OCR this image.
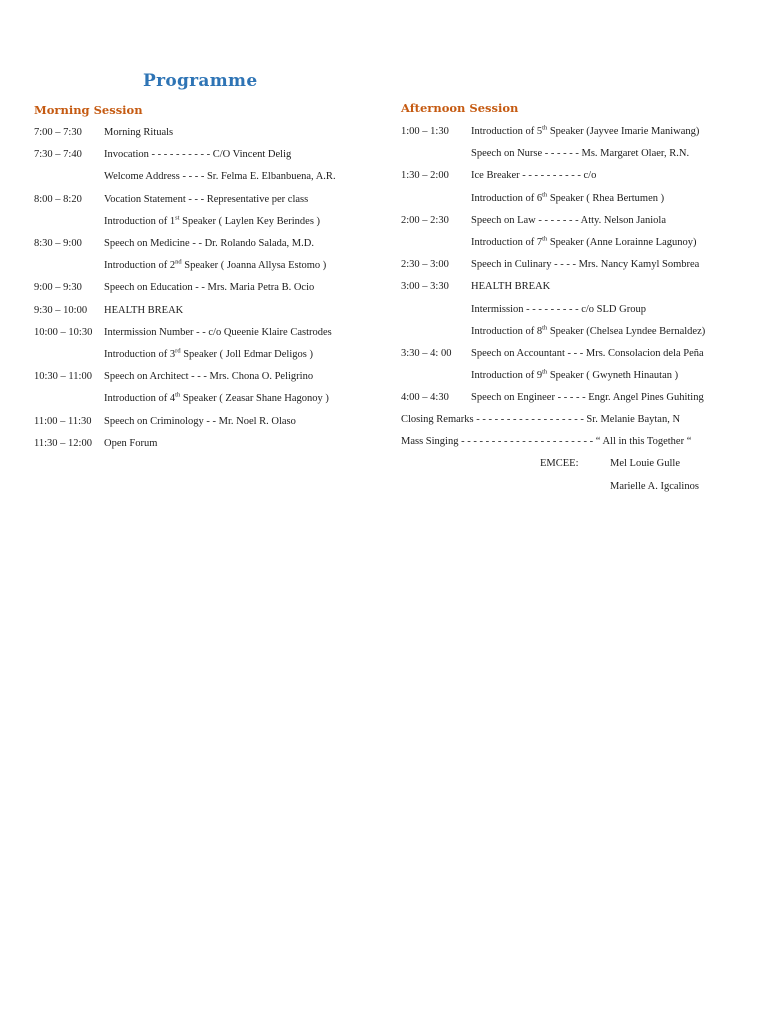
Programme
Morning Session
7:00 – 7:30 Morning Rituals
7:30 – 7:40 Invocation - - - - - - - - - - C/O Vincent Delig
Welcome Address - - - - Sr. Felma E. Elbanbuena, A.R.
8:00 – 8:20 Vocation Statement - - - Representative per class
Introduction of 1st Speaker ( Laylen Key Berindes )
8:30 – 9:00 Speech on Medicine - - Dr. Rolando Salada, M.D.
Introduction of 2nd Speaker ( Joanna Allysa Estomo )
9:00 – 9:30 Speech on Education - - Mrs. Maria Petra B. Ocio
9:30 – 10:00 HEALTH BREAK
10:00 – 10:30 Intermission Number - - c/o Queenie Klaire Castrodes
Introduction of 3rd Speaker ( Joll Edmar Deligos )
10:30 – 11:00 Speech on Architect - - - Mrs. Chona O. Peligrino
Introduction of 4th Speaker ( Zeasar Shane Hagonoy )
11:00 – 11:30 Speech on Criminology - - Mr. Noel R. Olaso
11:30 – 12:00 Open Forum
Afternoon Session
1:00 – 1:30 Introduction of 5th Speaker (Jayvee Imarie Maniwang)
Speech on Nurse - - - - - - Ms. Margaret Olaer, R.N.
1:30 – 2:00 Ice Breaker - - - - - - - - - - c/o
Introduction of 6th Speaker ( Rhea Bertumen )
2:00 – 2:30 Speech on Law - - - - - - - Atty. Nelson Janiola
Introduction of 7th Speaker (Anne Lorainne Lagunoy)
2:30 – 3:00 Speech in Culinary - - - - Mrs. Nancy Kamyl Sombrea
3:00 – 3:30 HEALTH BREAK
Intermission - - - - - - - - - c/o SLD Group
Introduction of 8th Speaker (Chelsea Lyndee Bernaldez)
3:30 – 4: 00 Speech on Accountant - - - Mrs. Consolacion dela Peña
Introduction of 9th Speaker ( Gwyneth Hinautan )
4:00 – 4:30 Speech on Engineer - - - - - Engr. Angel Pines Guhiting
Closing Remarks - - - - - - - - - - - - - - - - - - Sr. Melanie Baytan, N
Mass Singing - - - - - - - - - - - - - - - - - - - - - - “ All in this Together “
EMCEE:	Mel Louie Gulle
Marielle A. Igcalinos
